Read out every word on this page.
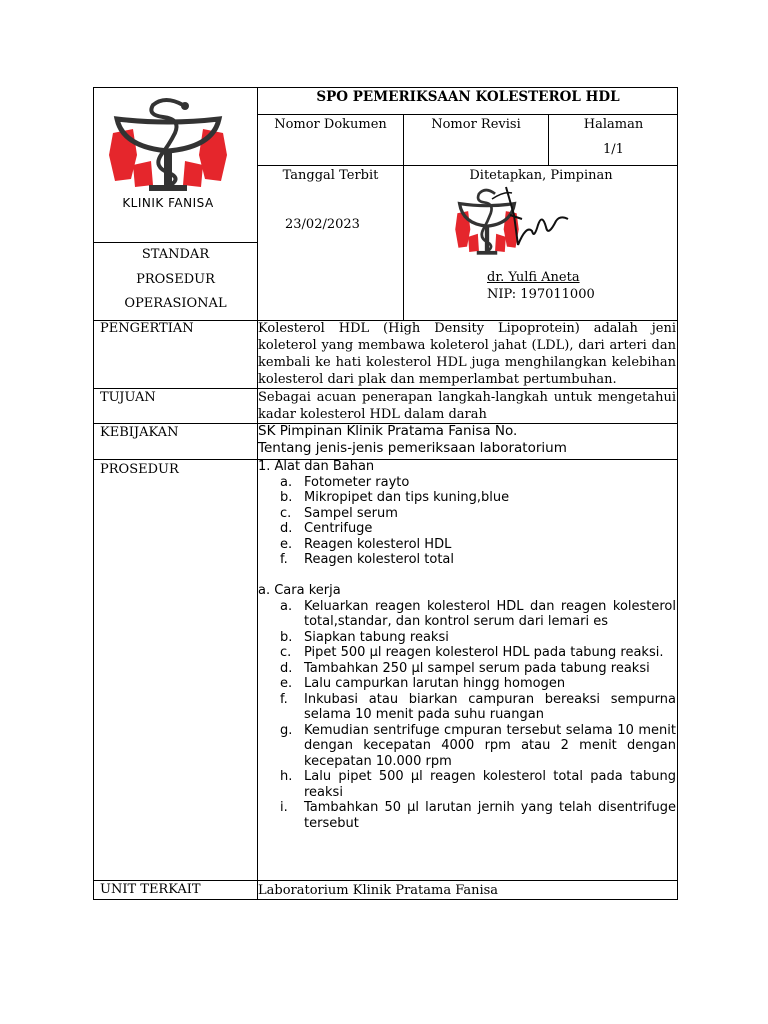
KLINIK FANISA
STANDAR
PROSEDUR
OPERASIONAL
SPO PEMERIKSAAN KOLESTEROL HDL
Nomor Dokumen	Nomor Revisi	Halaman
1/1
Tanggal Terbit
23/02/2023
Ditetapkan, Pimpinan
dr. Yulfi Aneta
NIP: 197011000
PENGERTIAN	Kolesterol HDL (High Density Lipoprotein) adalah jeni koleterol yang membawa koleterol jahat (LDL), dari arteri dan kembali ke hati kolesterol HDL juga menghilangkan kelebihan kolesterol dari plak dan memperlambat pertumbuhan.
TUJUAN	Sebagai acuan penerapan langkah-langkah untuk mengetahui kadar kolesterol HDL dalam darah
KEBIJAKAN	SK Pimpinan Klinik Pratama Fanisa No.
Tentang jenis-jenis pemeriksaan laboratorium
PROSEDUR	1. Alat dan Bahan
a. Fotometer rayto
b. Mikropipet dan tips kuning,blue
c. Sampel serum
d. Centrifuge
e. Reagen kolesterol HDL
f. Reagen kolesterol total
a. Cara kerja
a. Keluarkan reagen kolesterol HDL dan reagen kolesterol total,standar, dan kontrol serum dari lemari es
b. Siapkan tabung reaksi
c. Pipet 500 µl reagen kolesterol HDL pada tabung reaksi.
d. Tambahkan 250 µl sampel serum pada tabung reaksi
e. Lalu campurkan larutan hingg homogen
f. Inkubasi atau biarkan campuran bereaksi sempurna selama 10 menit pada suhu ruangan
g. Kemudian sentrifuge cmpuran tersebut selama 10 menit dengan kecepatan 4000 rpm atau 2 menit dengan kecepatan 10.000 rpm
h. Lalu pipet 500 µl reagen kolesterol total pada tabung reaksi
i. Tambahkan 50 µl larutan jernih yang telah disentrifuge tersebut
UNIT TERKAIT	Laboratorium Klinik Pratama Fanisa
